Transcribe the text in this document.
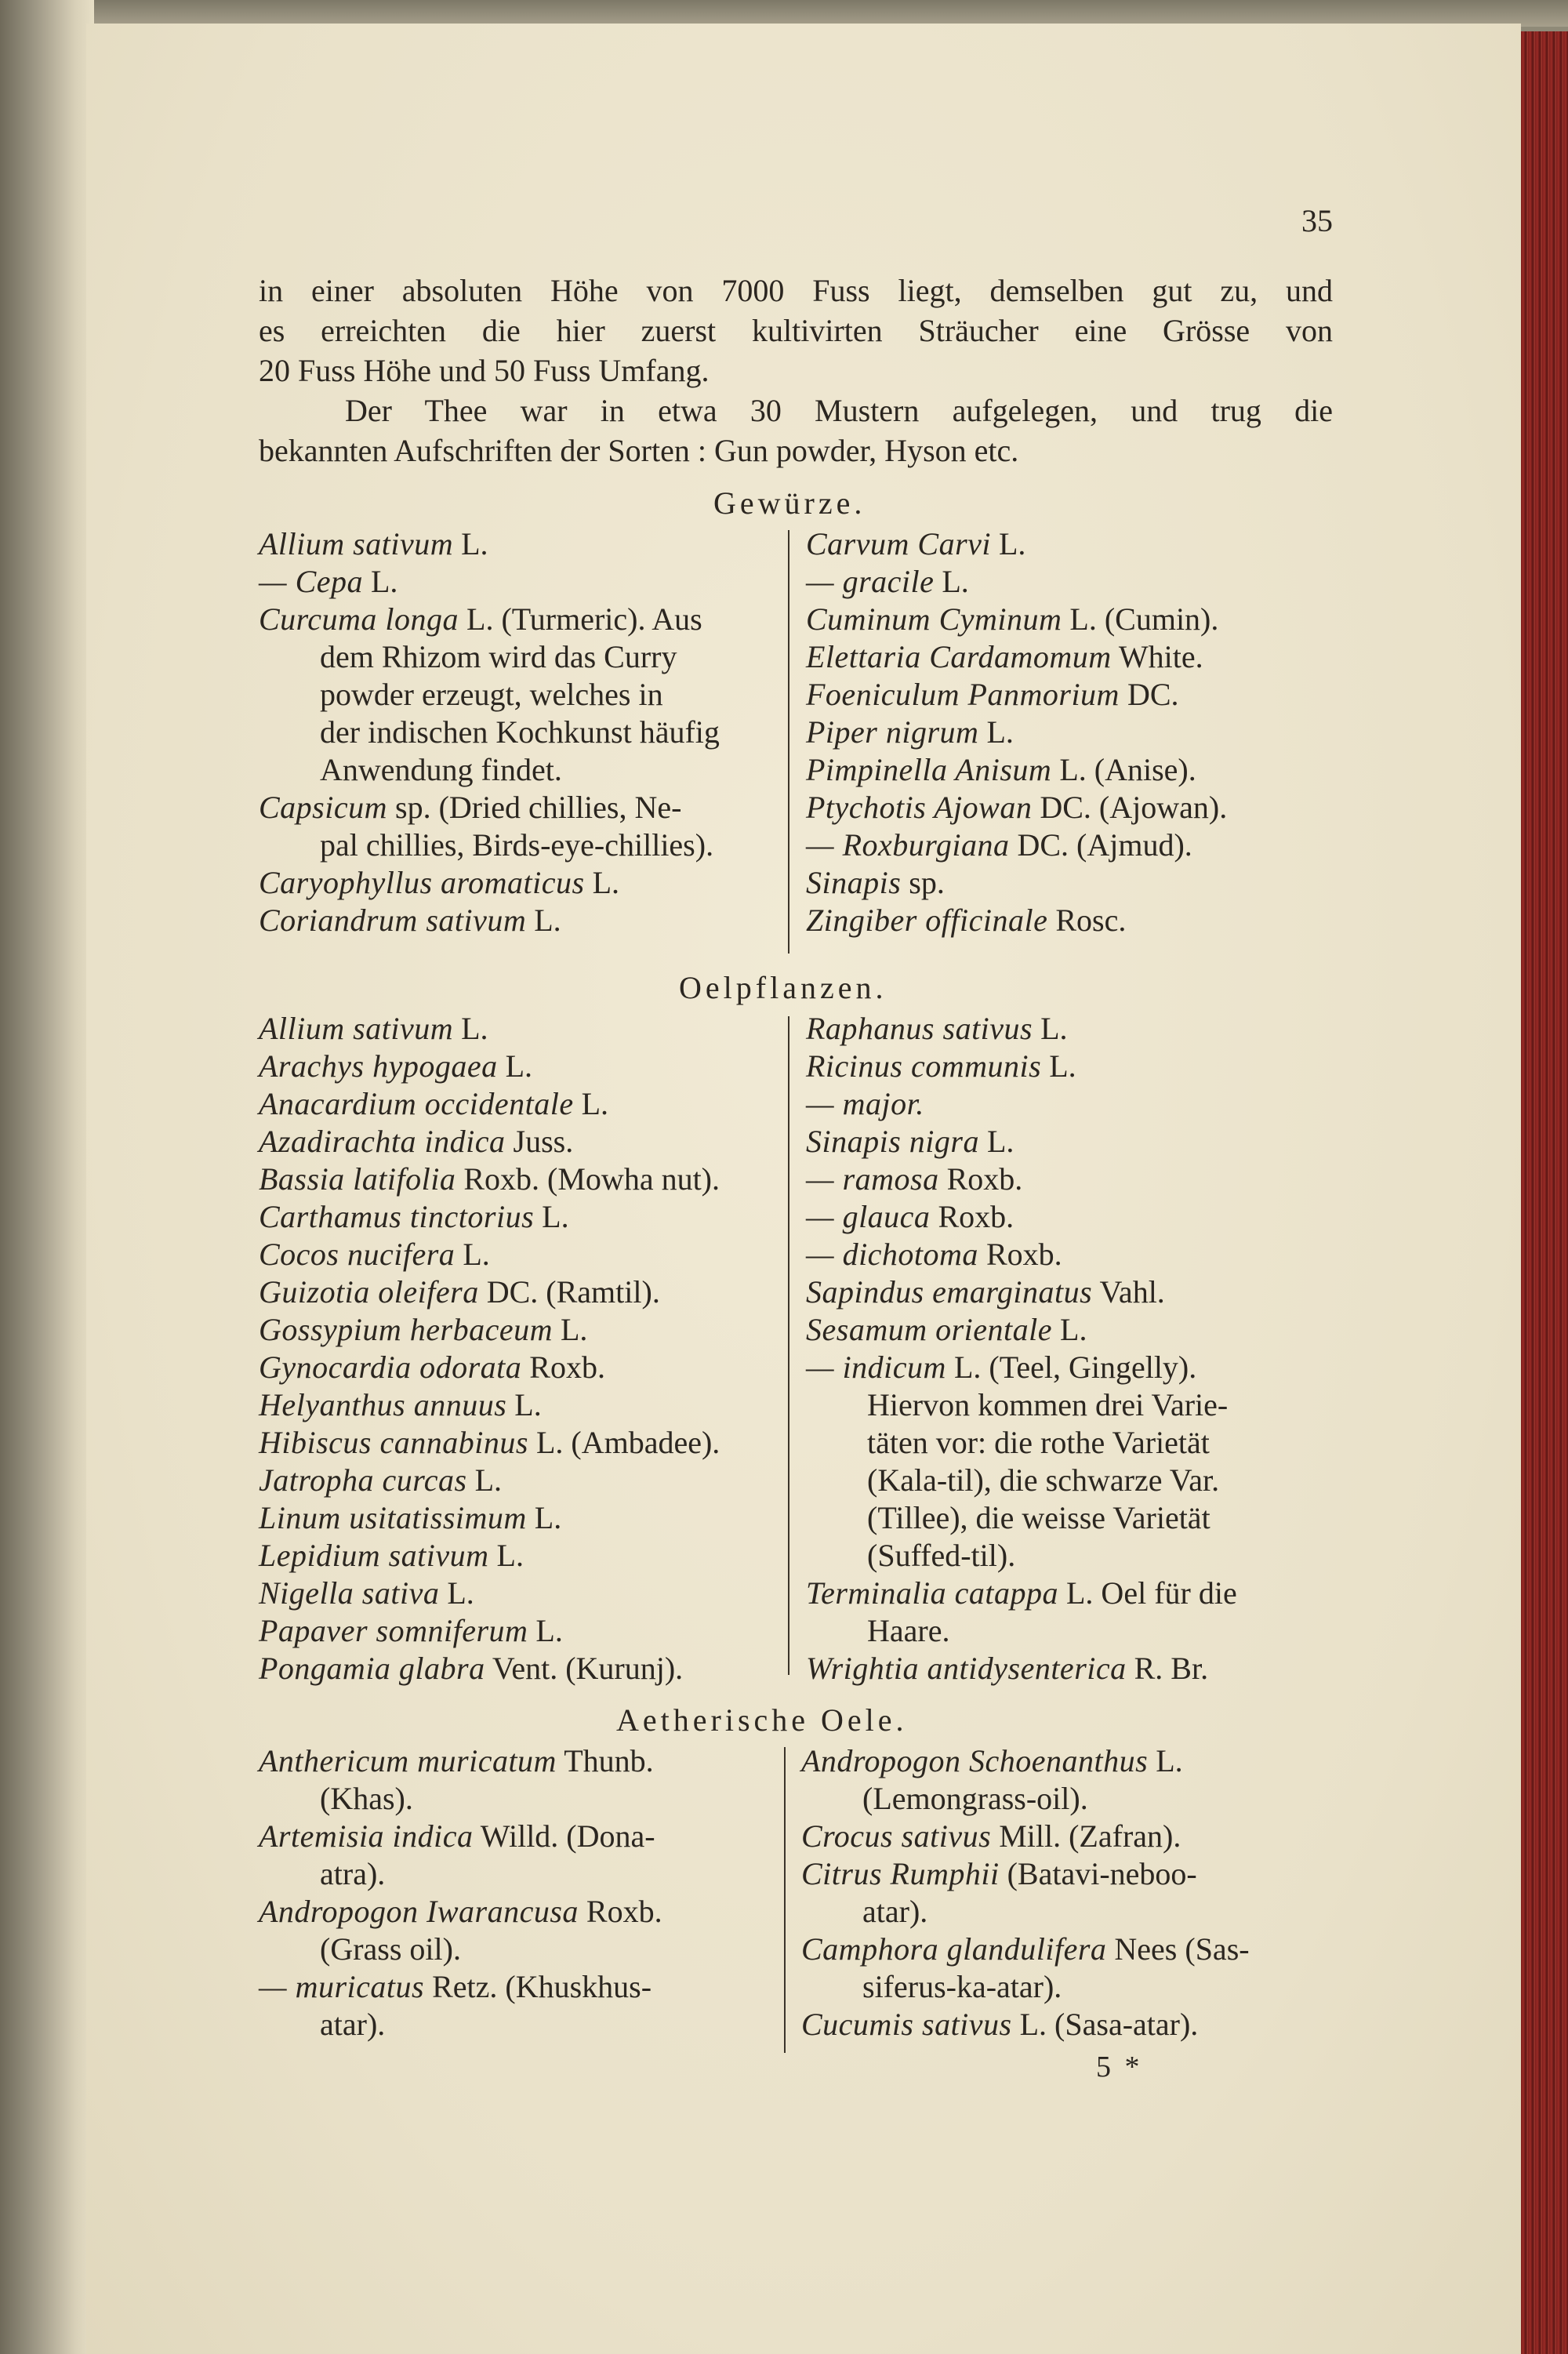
35
in einer absoluten Höhe von 7000 Fuss liegt, demselben gut zu, und
es erreichten die hier zuerst kultivirten Sträucher eine Grösse von
20 Fuss Höhe und 50 Fuss Umfang.
Der Thee war in etwa 30 Mustern aufgelegen, und trug die
bekannten Aufschriften der Sorten : Gun powder, Hyson etc.
Gewürze.
Allium sativum L.
— Cepa L.
Curcuma longa L. (Turmeric). Aus
dem Rhizom wird das Curry
powder erzeugt, welches in
der indischen Kochkunst häufig
Anwendung findet.
Capsicum sp. (Dried chillies, Ne-
pal chillies, Birds-eye-chillies).
Caryophyllus aromaticus L.
Coriandrum sativum L.
Carvum Carvi L.
— gracile L.
Cuminum Cyminum L. (Cumin).
Elettaria Cardamomum White.
Foeniculum Panmorium DC.
Piper nigrum L.
Pimpinella Anisum L. (Anise).
Ptychotis Ajowan DC. (Ajowan).
— Roxburgiana DC. (Ajmud).
Sinapis sp.
Zingiber officinale Rosc.
Oelpflanzen.
Allium sativum L.
Arachys hypogaea L.
Anacardium occidentale L.
Azadirachta indica Juss.
Bassia latifolia Roxb. (Mowha nut).
Carthamus tinctorius L.
Cocos nucifera L.
Guizotia oleifera DC. (Ramtil).
Gossypium herbaceum L.
Gynocardia odorata Roxb.
Helyanthus annuus L.
Hibiscus cannabinus L. (Ambadee).
Jatropha curcas L.
Linum usitatissimum L.
Lepidium sativum L.
Nigella sativa L.
Papaver somniferum L.
Pongamia glabra Vent. (Kurunj).
Raphanus sativus L.
Ricinus communis L.
— major.
Sinapis nigra L.
— ramosa Roxb.
— glauca Roxb.
— dichotoma Roxb.
Sapindus emarginatus Vahl.
Sesamum orientale L.
— indicum L. (Teel, Gingelly).
Hiervon kommen drei Varie-
täten vor: die rothe Varietät
(Kala-til), die schwarze Var.
(Tillee), die weisse Varietät
(Suffed-til).
Terminalia catappa L. Oel für die
Haare.
Wrightia antidysenterica R. Br.
Aetherische Oele.
Anthericum muricatum Thunb.
(Khas).
Artemisia indica Willd. (Dona-
atra).
Andropogon Iwarancusa Roxb.
(Grass oil).
— muricatus Retz. (Khuskhus-
atar).
Andropogon Schoenanthus L.
(Lemongrass-oil).
Crocus sativus Mill. (Zafran).
Citrus Rumphii (Batavi-neboo-
atar).
Camphora glandulifera Nees (Sas-
siferus-ka-atar).
Cucumis sativus L. (Sasa-atar).
5 *
